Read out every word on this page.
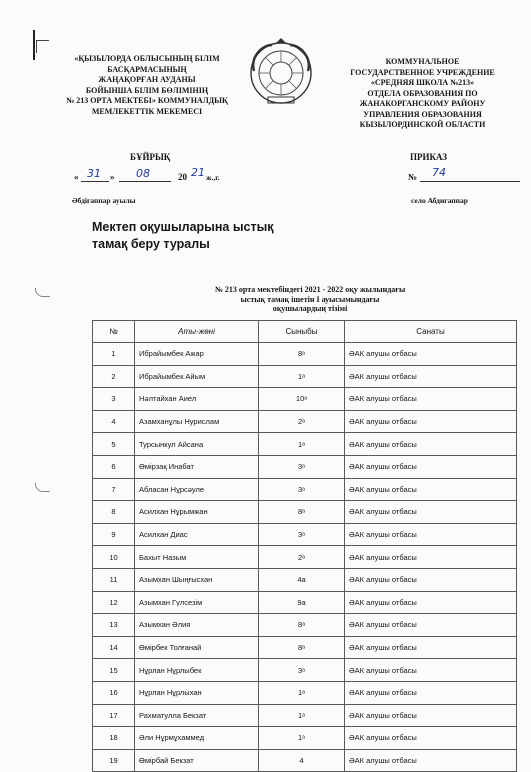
«ҚЫЗЫЛОРДА ОБЛЫСЫНЫҢ БІЛІМ
БАСҚАРМАСЫНЫҢ
ЖАҢАҚОРҒАН АУДАНЫ
БОЙЫНША БІЛІМ БӨЛІМІНІҢ
№ 213 ОРТА МЕКТЕБІ» КОММУНАЛДЫҚ
МЕМЛЕКЕТТІК МЕКЕМЕСІ
КОММУНАЛЬНОЕ
ГОСУДАРСТВЕННОЕ УЧРЕЖДЕНИЕ
«СРЕДНЯЯ ШКОЛА №213»
ОТДЕЛА ОБРАЗОВАНИЯ ПО
ЖАНАКОРГАНСКОМУ РАЙОНУ
УПРАВЛЕНИЯ ОБРАЗОВАНИЯ
КЫЗЫЛОРДИНСКОЙ ОБЛАСТИ
БҰЙРЫҚ	ПРИКАЗ
« 31 » 08	20 21 ж.,г.	№ 74
Әбдіғаппар ауылы	село Абдигаппар
Мектеп оқушыларына ыстық
тамақ беру туралы
№ 213 орта мектебіндегі 2021 - 2022 оқу жылындағы
ыстық тамақ ішетін I ауысымындағы
оқушылардың тізімі
№	Аты-жөні	Сыныбы	Санаты
1	Ибрайымбек Ажар	8ᵃ	ӘАК алушы отбасы
2	Ибрайымбек Айым	1ᵃ	ӘАК алушы отбасы
3	Нәлтайхан Аиел	10ᵃ	ӘАК алушы отбасы
4	Азамханұлы Нурислам	2ᵃ	ӘАК алушы отбасы
5	Турсынкул Айсана	1ᵃ	ӘАК алушы отбасы
6	Өмірзақ Инабат	3ᵃ	ӘАК алушы отбасы
7	Абласан Нұрсәуле	3ᵃ	ӘАК алушы отбасы
8	Асилхан Нұрымжан	8ᵃ	ӘАК алушы отбасы
9	Асилхан Диас	3ᵃ	ӘАК алушы отбасы
10	Бахыт Назым	2ᵃ	ӘАК алушы отбасы
11	Азымхан Шыңғысхан	4а	ӘАК алушы отбасы
12	Азымхан Гүлсезім	9а	ӘАК алушы отбасы
13	Азымхан Әлия	8ᵃ	ӘАК алушы отбасы
14	Өмірбек Толғанай	8ᵃ	ӘАК алушы отбасы
15	Нұрлан Нұрлыбек	3ᵃ	ӘАК алушы отбасы
16	Нұрлан Нұрлыхан	1ᵃ	ӘАК алушы отбасы
17	Рахматулла Бекзат	1ᵃ	ӘАК алушы отбасы
18	Әли Нұрмұхаммед	1ᵃ	ӘАК алушы отбасы
19	Өмірбай Бекзат	4	ӘАК алушы отбасы
